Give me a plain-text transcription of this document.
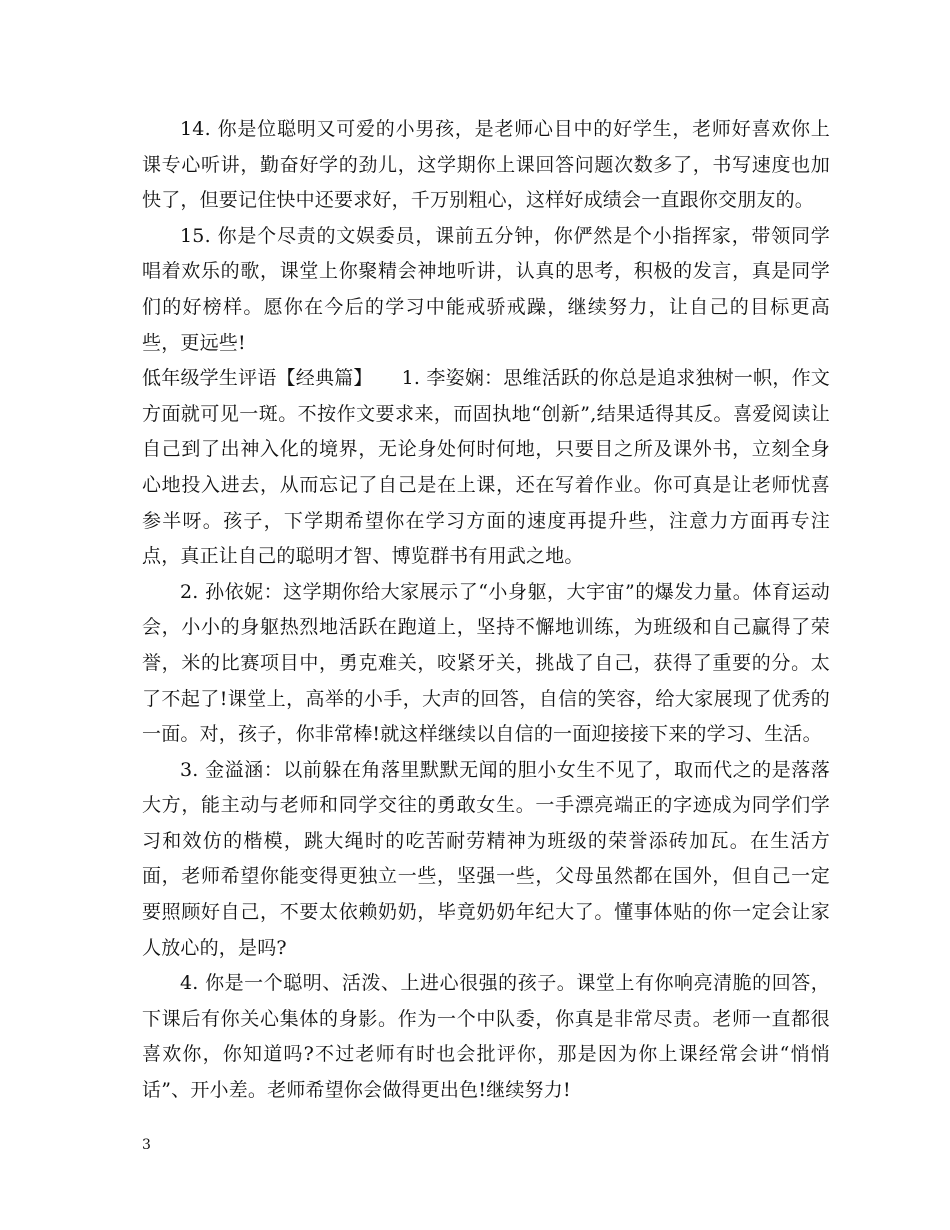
14. 你是位聪明又可爱的小男孩，是老师心目中的好学生，老师好喜欢你上课专心听讲，勤奋好学的劲儿，这学期你上课回答问题次数多了，书写速度也加快了，但要记住快中还要求好，千万别粗心，这样好成绩会一直跟你交朋友的。

15. 你是个尽责的文娱委员，课前五分钟，你俨然是个小指挥家，带领同学唱着欢乐的歌，课堂上你聚精会神地听讲，认真的思考，积极的发言，真是同学们的好榜样。愿你在今后的学习中能戒骄戒躁，继续努力，让自己的目标更高些，更远些!

低年级学生评语【经典篇】　　1. 李姿娴：思维活跃的你总是追求独树一帜，作文方面就可见一斑。不按作文要求来，而固执地“创新”,结果适得其反。喜爱阅读让自己到了出神入化的境界，无论身处何时何地，只要目之所及课外书，立刻全身心地投入进去，从而忘记了自己是在上课，还在写着作业。你可真是让老师忧喜参半呀。孩子，下学期希望你在学习方面的速度再提升些，注意力方面再专注点，真正让自己的聪明才智、博览群书有用武之地。

2. 孙依妮：这学期你给大家展示了“小身躯，大宇宙”的爆发力量。体育运动会，小小的身躯热烈地活跃在跑道上，坚持不懈地训练，为班级和自己赢得了荣誉，米的比赛项目中，勇克难关，咬紧牙关，挑战了自己，获得了重要的分。太了不起了!课堂上，高举的小手，大声的回答，自信的笑容，给大家展现了优秀的一面。对，孩子，你非常棒!就这样继续以自信的一面迎接接下来的学习、生活。

3. 金溢涵：以前躲在角落里默默无闻的胆小女生不见了，取而代之的是落落大方，能主动与老师和同学交往的勇敢女生。一手漂亮端正的字迹成为同学们学习和效仿的楷模，跳大绳时的吃苦耐劳精神为班级的荣誉添砖加瓦。在生活方面，老师希望你能变得更独立一些，坚强一些，父母虽然都在国外，但自己一定要照顾好自己，不要太依赖奶奶，毕竟奶奶年纪大了。懂事体贴的你一定会让家人放心的，是吗?

4. 你是一个聪明、活泼、上进心很强的孩子。课堂上有你响亮清脆的回答，下课后有你关心集体的身影。作为一个中队委，你真是非常尽责。老师一直都很喜欢你，你知道吗?不过老师有时也会批评你，那是因为你上课经常会讲“悄悄话”、开小差。老师希望你会做得更出色!继续努力!

3
